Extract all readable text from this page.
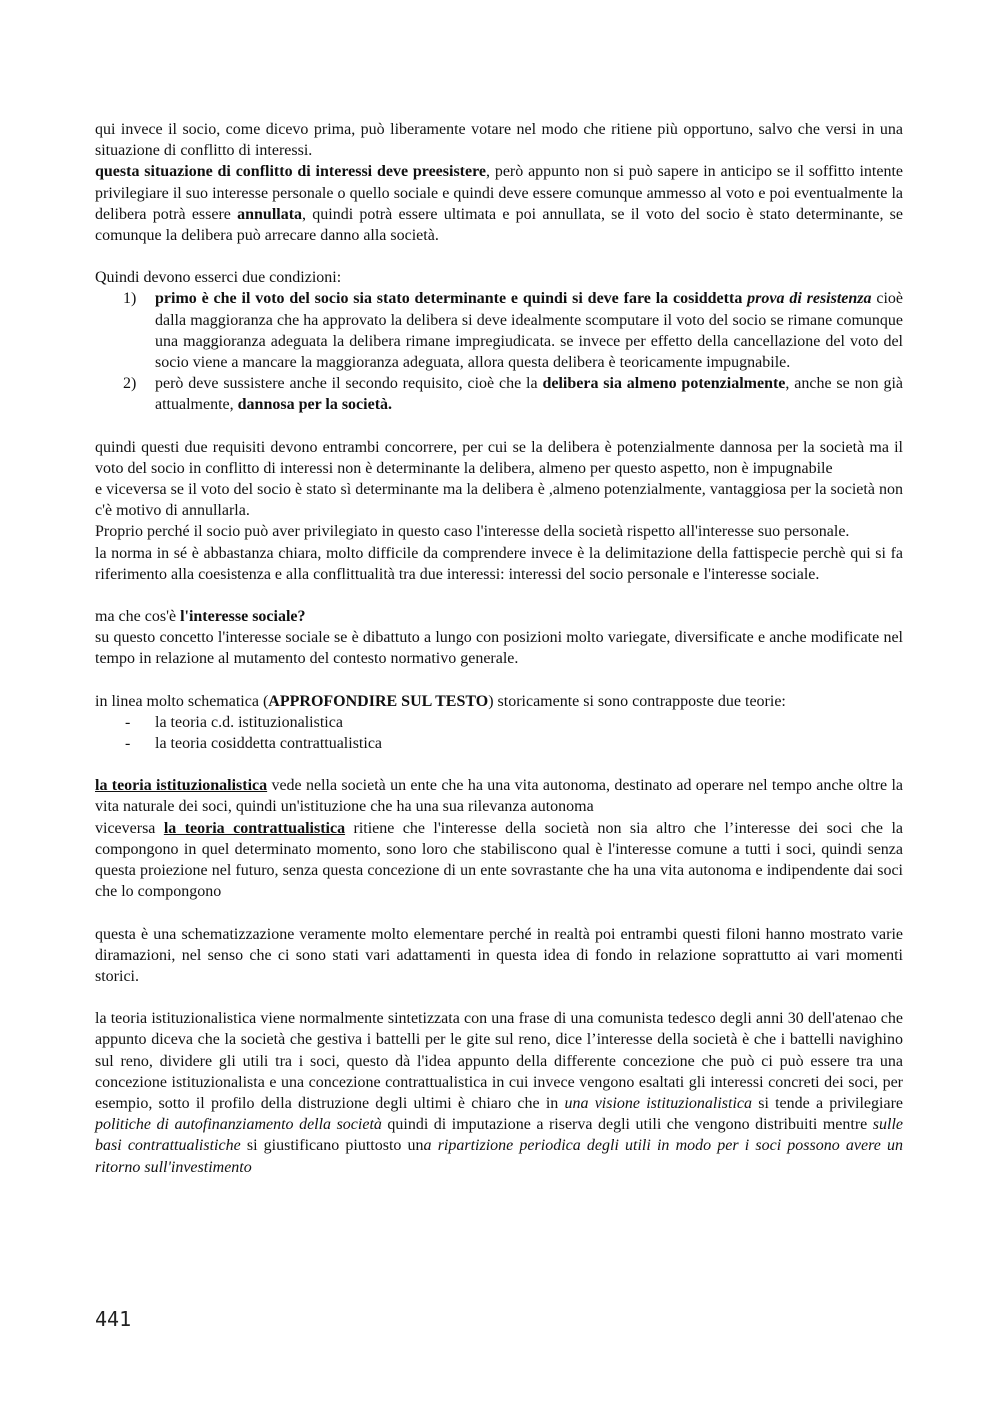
qui invece il socio, come dicevo prima, può liberamente votare nel modo che ritiene più opportuno, salvo che versi in una situazione di conflitto di interessi.

questa situazione di conflitto di interessi deve preesistere, però appunto non si può sapere in anticipo se il soffitto intente privilegiare il suo interesse personale o quello sociale e quindi deve essere comunque ammesso al voto e poi eventualmente la delibera potrà essere annullata, quindi potrà essere ultimata e poi annullata, se il voto del socio è stato determinante, se comunque la delibera può arrecare danno alla società.

Quindi devono esserci due condizioni:

1) primo è che il voto del socio sia stato determinante e quindi si deve fare la cosiddetta prova di resistenza cioè dalla maggioranza che ha approvato la delibera si deve idealmente scomputare il voto del socio se rimane comunque una maggioranza adeguata la delibera rimane impregiudicata. se invece per effetto della cancellazione del voto del socio viene a mancare la maggioranza adeguata, allora questa delibera è teoricamente impugnabile.
2) però deve sussistere anche il secondo requisito, cioè che la delibera sia almeno potenzialmente, anche se non già attualmente, dannosa per la società.

quindi questi due requisiti devono entrambi concorrere, per cui se la delibera è potenzialmente dannosa per la società ma il voto del socio in conflitto di interessi non è determinante la delibera, almeno per questo aspetto, non è impugnabile

e viceversa se il voto del socio è stato sì determinante ma la delibera è ,almeno potenzialmente, vantaggiosa per la società non c'è motivo di annullarla.

Proprio perché il socio può aver privilegiato in questo caso l'interesse della società rispetto all'interesse suo personale.

la norma in sé è abbastanza chiara, molto difficile da comprendere invece è la delimitazione della fattispecie perchè qui si fa riferimento alla coesistenza e alla conflittualità tra due interessi: interessi del socio personale e l'interesse sociale.

ma che cos'è l'interesse sociale?

su questo concetto l'interesse sociale se è dibattuto a lungo con posizioni molto variegate, diversificate e anche modificate nel tempo in relazione al mutamento del contesto normativo generale.

in linea molto schematica (APPROFONDIRE SUL TESTO) storicamente si sono contrapposte due teorie:

- la teoria c.d. istituzionalistica
- la teoria cosiddetta contrattualistica

la teoria istituzionalistica vede nella società un ente che ha una vita autonoma, destinato ad operare nel tempo anche oltre la vita naturale dei soci, quindi un'istituzione che ha una sua rilevanza autonoma

viceversa la teoria contrattualistica ritiene che l'interesse della società non sia altro che l’interesse dei soci che la compongono in quel determinato momento, sono loro che stabiliscono qual è l'interesse comune a tutti i soci, quindi senza questa proiezione nel futuro, senza questa concezione di un ente sovrastante che ha una vita autonoma e indipendente dai soci che lo compongono

questa è una schematizzazione veramente molto elementare perché in realtà poi entrambi questi filoni hanno mostrato varie diramazioni, nel senso che ci sono stati vari adattamenti in questa idea di fondo in relazione soprattutto ai vari momenti storici.

la teoria istituzionalistica viene normalmente sintetizzata con una frase di una comunista tedesco degli anni 30 dell'atenao che appunto diceva che la società che gestiva i battelli per le gite sul reno, dice l’interesse della società è che i battelli navighino sul reno, dividere gli utili tra i soci, questo dà l'idea appunto della differente concezione che può ci può essere tra una concezione istituzionalista e una concezione contrattualistica in cui invece vengono esaltati gli interessi concreti dei soci, per esempio, sotto il profilo della distruzione degli ultimi è chiaro che in una visione istituzionalistica si tende a privilegiare politiche di autofinanziamento della società quindi di imputazione a riserva degli utili che vengono distribuiti mentre sulle basi contrattualistiche si giustificano piuttosto una ripartizione periodica degli utili in modo per i soci possono avere un ritorno sull'investimento

441
